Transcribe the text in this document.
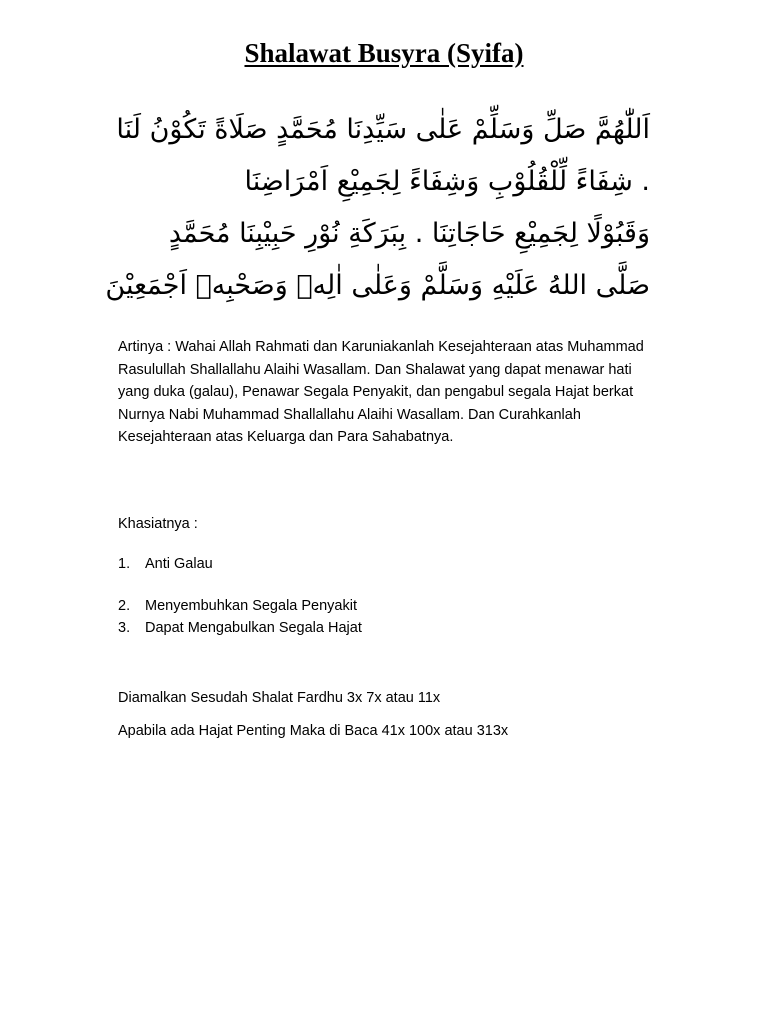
Shalawat Busyra (Syifa)

اَللّٰهُمَّ صَلِّ وَسَلِّمْ عَلٰى سَيِّدِنَا مُحَمَّدٍ صَلَاةً تَكُوْنُ لَنَا

. شِفَاءً لِّلْقُلُوْبِ وَشِفَاءً لِجَمِيْعِ اَمْرَاضِنَا

وَقَبُوْلًا لِجَمِيْعِ حَاجَاتِنَا . بِبَرَكَةِ نُوْرِ حَبِيْبِنَا مُحَمَّدٍ

صَلَّى اللهُ عَلَيْهِ وَسَلَّمْ وَعَلٰى اٰلِهٖ وَصَحْبِهٖ اَجْمَعِيْنَ

Artinya : Wahai Allah Rahmati dan Karuniakanlah Kesejahteraan atas Muhammad Rasulullah Shallallahu Alaihi Wasallam. Dan Shalawat yang dapat menawar hati yang duka (galau), Penawar Segala Penyakit, dan pengabul segala Hajat berkat Nurnya Nabi Muhammad Shallallahu Alaihi Wasallam. Dan Curahkanlah Kesejahteraan atas Keluarga dan Para Sahabatnya.
Khasiatnya :
1.	Anti Galau
2.	Menyembuhkan Segala Penyakit
3.	Dapat Mengabulkan Segala Hajat
Diamalkan Sesudah Shalat Fardhu 3x 7x atau 11x
Apabila ada Hajat Penting Maka di Baca 41x 100x atau 313x
